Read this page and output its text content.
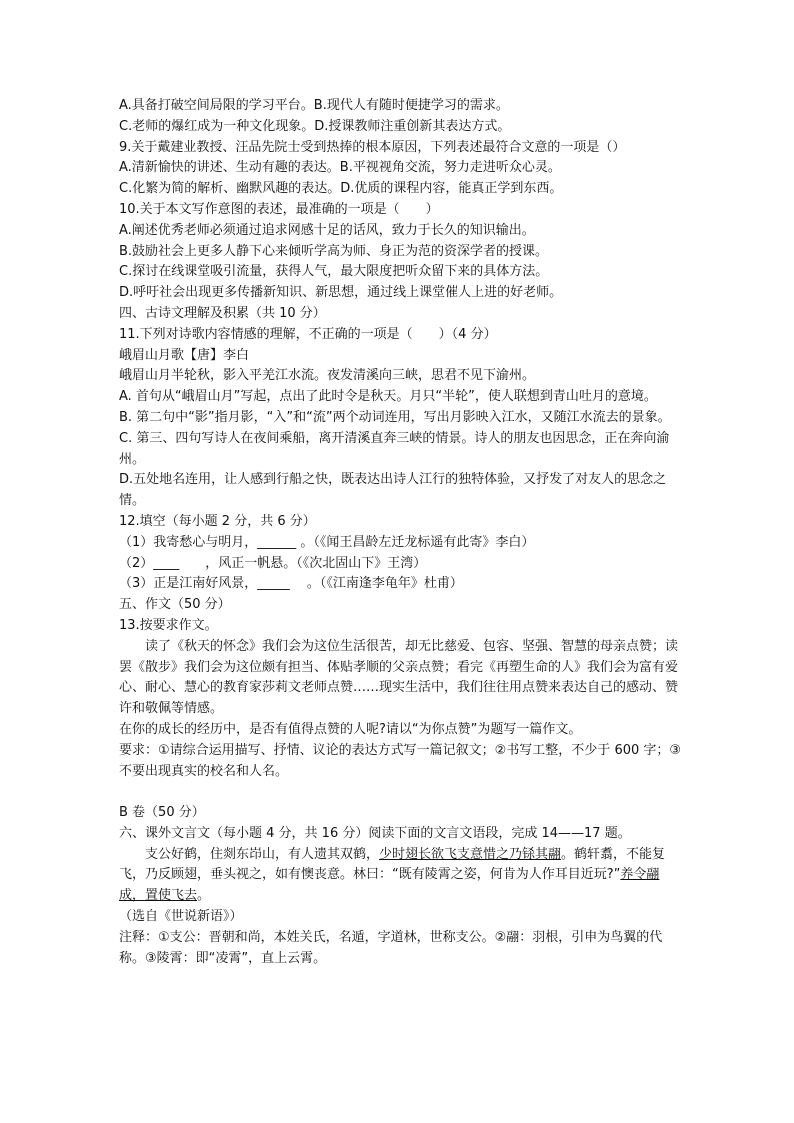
A.具备打破空间局限的学习平台。B.现代人有随时便捷学习的需求。
C.老师的爆红成为一种文化现象。D.授课教师注重创新其表达方式。
9.关于戴建业教授、汪品先院士受到热捧的根本原因，下列表述最符合文意的一项是（）
A.清新愉快的讲述、生动有趣的表达。B.平视视角交流，努力走进听众心灵。
C.化繁为简的解析、幽默风趣的表达。D.优质的课程内容，能真正学到东西。
10.关于本文写作意图的表述，最准确的一项是（　　）
A.阐述优秀老师必须通过追求网感十足的话风，致力于长久的知识输出。
B.鼓励社会上更多人静下心来倾听学高为师、身正为范的资深学者的授课。
C.探讨在线课堂吸引流量，获得人气，最大限度把听众留下来的具体方法。
D.呼吁社会出现更多传播新知识、新思想，通过线上课堂催人上进的好老师。
四、古诗文理解及积累（共 10 分）
11.下列对诗歌内容情感的理解，不正确的一项是（　　）（4 分）
峨眉山月歌【唐】李白
峨眉山月半轮秋，影入平羌江水流。夜发清溪向三峡，思君不见下渝州。
A. 首句从“峨眉山月”写起，点出了此时令是秋天。月只“半轮”，使人联想到青山吐月的意境。
B. 第二句中“影”指月影，“入”和“流”两个动词连用，写出月影映入江水，又随江水流去的景象。
C. 第三、四句写诗人在夜间乘船，离开清溪直奔三峡的情景。诗人的朋友也因思念，正在奔向渝州。
D.五处地名连用，让人感到行船之快，既表达出诗人江行的独特体验，又抒发了对友人的思念之情。
12.填空（每小题 2 分，共 6 分）
（1）我寄愁心与明月，______ 。（《闻王昌龄左迁龙标遥有此寄》李白）
（2）____　　，风正一帆悬。（《次北固山下》王湾）
（3）正是江南好风景，_____　 。（《江南逢李龟年》杜甫）
五、作文（50 分）
13.按要求作文。
读了《秋天的怀念》我们会为这位生活很苦，却无比慈爱、包容、坚强、智慧的母亲点赞；读罢《散步》我们会为这位颇有担当、体贴孝顺的父亲点赞；看完《再塑生命的人》我们会为富有爱心、耐心、慧心的教育家莎莉文老师点赞……现实生活中，我们往往用点赞来表达自己的感动、赞许和敬佩等情感。
在你的成长的经历中，是否有值得点赞的人呢?请以“为你点赞”为题写一篇作文。
要求：①请综合运用描写、抒情、议论的表达方式写一篇记叙文；②书写工整，不少于 600 字；③不要出现真实的校名和人名。
B 卷（50 分）
六、课外文言文（每小题 4 分，共 16 分）阅读下面的文言文语段，完成 14——17 题。
支公好鹤，住剡东岇山，有人遗其双鹤，少时翅长欲飞支意惜之乃铩其翮。鹤轩翥，不能复飞，乃反顾翅，垂头视之，如有懊丧意。林曰：“既有陵霄之姿，何肯为人作耳目近玩?”养令翮成，置使飞去。
（选自《世说新语》）
注释：①支公：晋朝和尚，本姓关氏，名遁，字道林，世称支公。②翮：羽根，引申为鸟翼的代称。③陵霄：即“凌霄”，直上云霄。
